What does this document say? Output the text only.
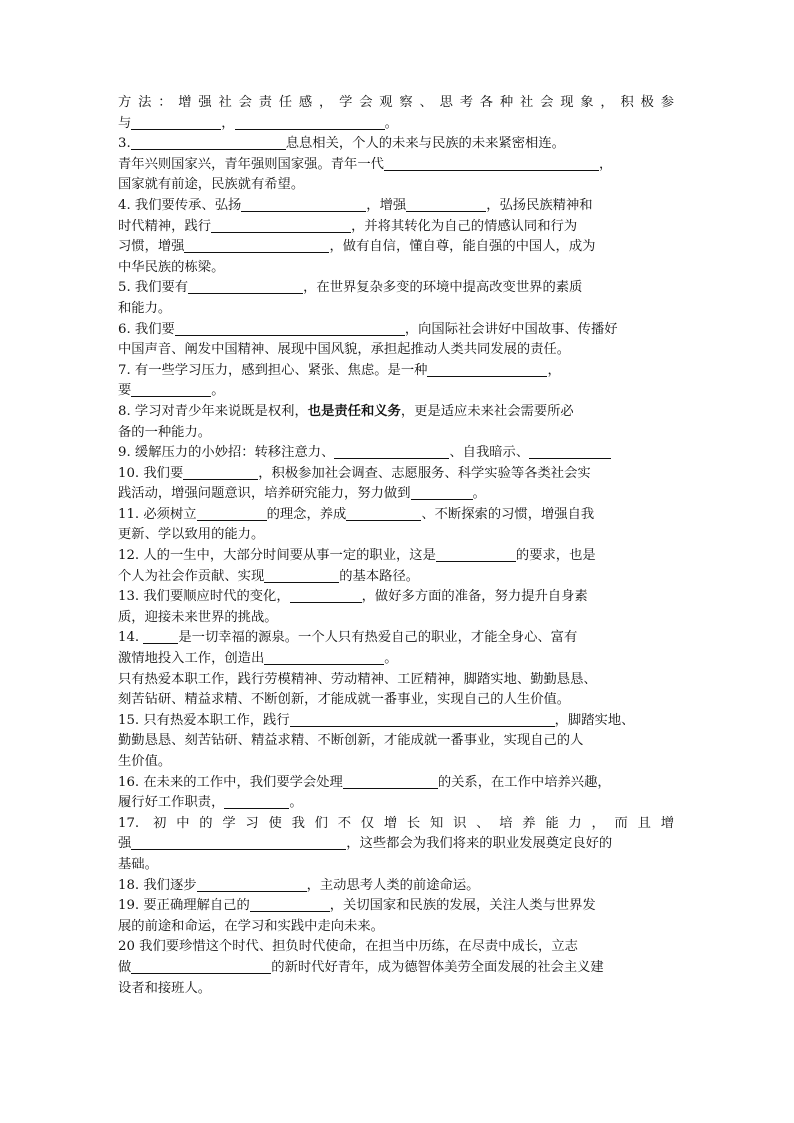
方法：增强社会责任感，学会观察、思考各种社会现象，积极参
与	，	。
3.	息息相关，个人的未来与民族的未来紧密相连。
青年兴则国家兴，青年强则国家强。青年一代	，
国家就有前途，民族就有希望。
4. 我们要传承、弘扬	，增强	，弘扬民族精神和
时代精神，践行	，并将其转化为自己的情感认同和行为
习惯，增强	，做有自信，懂自尊，能自强的中国人，成为
中华民族的栋梁。
5. 我们要有	，在世界复杂多变的环境中提高改变世界的素质
和能力。
6. 我们要	，向国际社会讲好中国故事、传播好
中国声音、阐发中国精神、展现中国风貌，承担起推动人类共同发展的责任。
7. 有一些学习压力，感到担心、紧张、焦虑。是一种	，
要	。
8. 学习对青少年来说既是权利，也是责任和义务，更是适应未来社会需要所必
备的一种能力。
9. 缓解压力的小妙招：转移注意力、	、自我暗示、
10. 我们要	，积极参加社会调查、志愿服务、科学实验等各类社会实
践活动，增强问题意识，培养研究能力，努力做到	。
11. 必须树立	的理念，养成	、不断探索的习惯，增强自我
更新、学以致用的能力。
12. 人的一生中，大部分时间要从事一定的职业，这是	的要求，也是
个人为社会作贡献、实现	的基本路径。
13. 我们要顺应时代的变化，	，做好多方面的准备，努力提升自身素
质，迎接未来世界的挑战。
14.	是一切幸福的源泉。一个人只有热爱自己的职业，才能全身心、富有
激情地投入工作，创造出	。
只有热爱本职工作，践行劳模精神、劳动精神、工匠精神，脚踏实地、勤勤恳恳、
刻苦钻研、精益求精、不断创新，才能成就一番事业，实现自己的人生价值。
15. 只有热爱本职工作，践行	，脚踏实地、
勤勤恳恳、刻苦钻研、精益求精、不断创新，才能成就一番事业，实现自己的人
生价值。
16. 在未来的工作中，我们要学会处理	的关系，在工作中培养兴趣，
履行好工作职责，	。
17. 初中的学习使我们不仅增长知识、培养能力，而且增
强	，这些都会为我们将来的职业发展奠定良好的
基础。
18. 我们逐步	，主动思考人类的前途命运。
19. 要正确理解自己的	，关切国家和民族的发展，关注人类与世界发
展的前途和命运，在学习和实践中走向未来。
20 我们要珍惜这个时代、担负时代使命，在担当中历练，在尽责中成长，立志
做	的新时代好青年，成为德智体美劳全面发展的社会主义建
设者和接班人。
